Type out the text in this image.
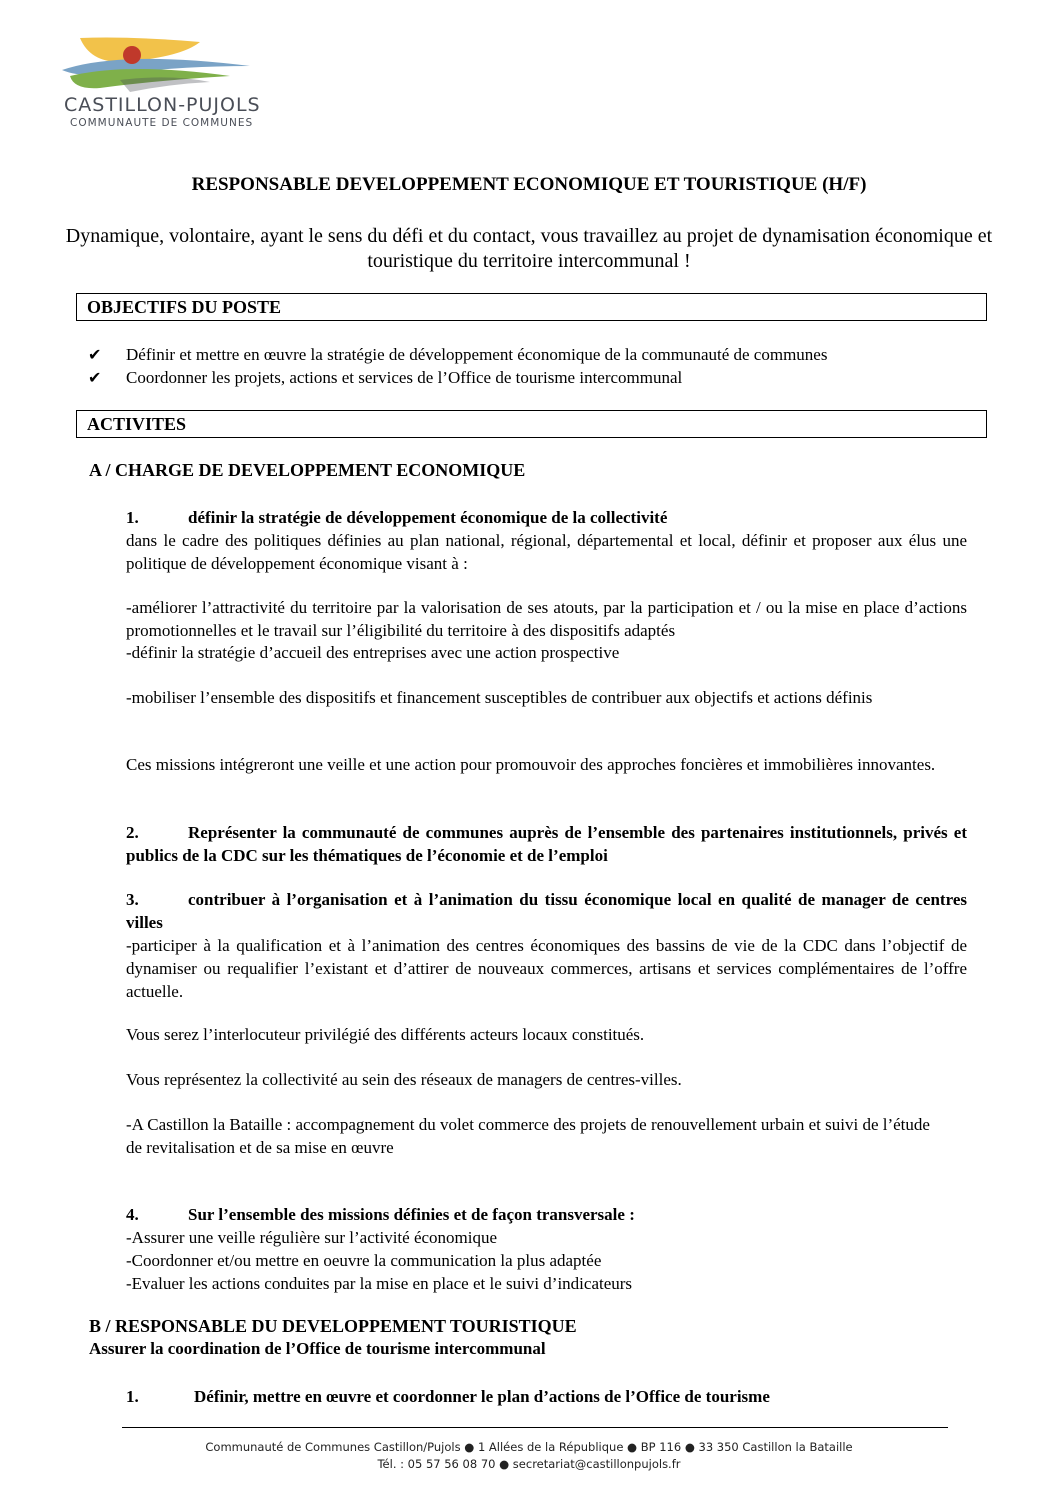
CASTILLON-PUJOLS
COMMUNAUTE DE COMMUNES
RESPONSABLE DEVELOPPEMENT ECONOMIQUE ET TOURISTIQUE (H/F)
Dynamique, volontaire, ayant le sens du défi et du contact, vous travaillez au projet de dynamisation économique et touristique du territoire intercommunal !
OBJECTIFS DU POSTE
✔ Définir et mettre en œuvre la stratégie de développement économique de la communauté de communes
✔ Coordonner les projets, actions et services de l’Office de tourisme intercommunal
ACTIVITES
A / CHARGE DE DEVELOPPEMENT ECONOMIQUE

1.	définir la stratégie de développement économique de la collectivité

dans le cadre des politiques définies au plan national, régional, départemental et local, définir et proposer aux élus une politique de développement économique visant à :

-améliorer l’attractivité du territoire par la valorisation de ses atouts, par la participation et / ou la mise en place d’actions promotionnelles et le travail sur l’éligibilité du territoire à des dispositifs adaptés
-définir la stratégie d’accueil des entreprises avec une action prospective
-mobiliser l’ensemble des dispositifs et financement susceptibles de contribuer aux objectifs et actions définis
Ces missions intégreront une veille et une action pour promouvoir des approches foncières et immobilières innovantes.
2.	Représenter la communauté de communes auprès de l’ensemble des partenaires institutionnels, privés et publics de la CDC sur les thématiques de l’économie et de l’emploi

3.	contribuer à l’organisation et à l’animation du tissu économique local en qualité de manager de centres villes

-participer à la qualification et à l’animation des centres économiques des bassins de vie de la CDC dans l’objectif de dynamiser ou requalifier l’existant et d’attirer de nouveaux commerces, artisans et services complémentaires de l’offre actuelle.

Vous serez l’interlocuteur privilégié des différents acteurs locaux constitués.
Vous représentez la collectivité au sein des réseaux de managers de centres-villes.
-A Castillon la Bataille : accompagnement du volet commerce des projets de renouvellement urbain et suivi de l’étude de revitalisation et de sa mise en œuvre

4.	Sur l’ensemble des missions définies et de façon transversale :

-Assurer une veille régulière sur l’activité économique

-Coordonner et/ou mettre en oeuvre la communication la plus adaptée

-Evaluer les actions conduites par la mise en place et le suivi d’indicateurs

B / RESPONSABLE DU DEVELOPPEMENT TOURISTIQUE
Assurer la coordination de l’Office de tourisme intercommunal
1.	Définir, mettre en œuvre et coordonner le plan d’actions de l’Office de tourisme
Communauté de Communes Castillon/Pujols ● 1 Allées de la République ● BP 116 ● 33 350 Castillon la Bataille
Tél. : 05 57 56 08 70 ● secretariat@castillonpujols.fr
